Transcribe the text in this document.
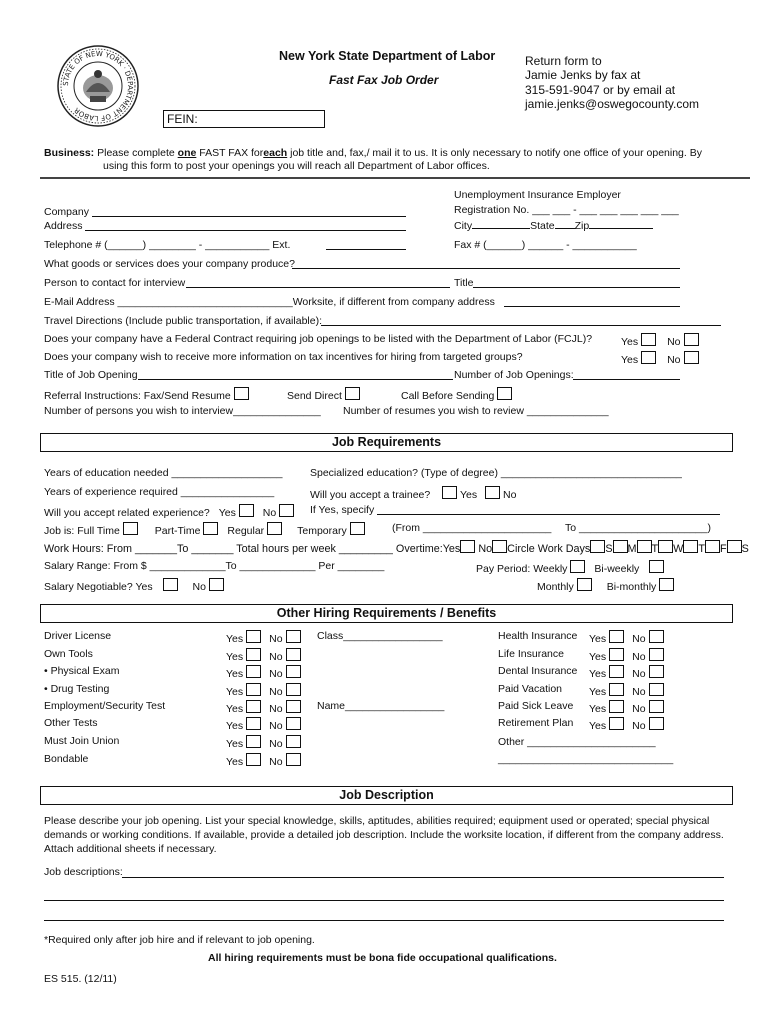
STATE OF NEW YORK · DEPARTMENT OF LABOR
New York State Department of Labor
Fast Fax Job Order
Return form to
Jamie Jenks by fax at
315-591-9047 or by email at
jamie.jenks@oswegocounty.com
FEIN:
Business: Please complete one FAST FAX foreach job title and, fax,/ mail it to us. It is only necessary to notify one office of your opening. By
using this form to post your openings you will reach all Department of Labor offices.
Unemployment Insurance Employer
Registration No. ___ ___ - ___ ___ ___ ___ ___
City	State Zip
Company
Address
Telephone # (______) ________ - ___________ Ext.	Fax # (______) ______ - ___________
What goods or services does your company produce?
Person to contact for interview	Title
E-Mail Address ______________________________Worksite, if different from company address
Travel Directions (Include public transportation, if available):
Does your company have a Federal Contract requiring job openings to be listed with the Department of Labor (FCJL)?	Yes	No
Does your company wish to receive more information on tax incentives for hiring from targeted groups?	Yes	No
Title of Job Opening	Number of Job Openings:
Referral Instructions: Fax/Send Resume	Send Direct	Call Before Sending
Number of persons you wish to interview_______________ Number of resumes you wish to review ______________
Job Requirements
Years of education needed ___________________	Specialized education? (Type of degree) _______________________________
Years of experience required ________________	Will you accept a trainee?	Yes No
Will you accept related experience? Yes	No	If Yes, specify
Job is: Full Time	Part-Time	Regular	Temporary	(From ______________________ To ______________________)
Work Hours: From _______To _______ Total hours per week _________ Overtime:Yes No Circle Work Days S M T W T F S
Salary Range: From $ _____________To _____________ Per ________	Pay Period: Weekly	Bi-weekly
Salary Negotiable? Yes	No	Monthly	Bi-monthly
Other Hiring Requirements / Benefits
Driver License	Yes No
Own Tools	Yes No
• Physical Exam	Yes No
• Drug Testing	Yes No
Employment/Security Test	Yes No
Other Tests	Yes No
Must Join Union	Yes No
Bondable	Yes No
Class_________________
Name_________________
Health Insurance Yes No
Life Insurance Yes No
Dental Insurance Yes No
Paid Vacation	Yes No
Paid Sick Leave Yes No
Retirement Plan Yes No
Other ______________________
______________________________
Job Description
Please describe your job opening. List your special knowledge, skills, aptitudes, abilities required; equipment used or operated; special physical
demands or working conditions. If available, provide a detailed job description. Include the worksite location, if different from the company address.
Attach additional sheets if necessary.
Job descriptions:
*Required only after job hire and if relevant to job opening.
All hiring requirements must be bona fide occupational qualifications.
ES 515. (12/11)
